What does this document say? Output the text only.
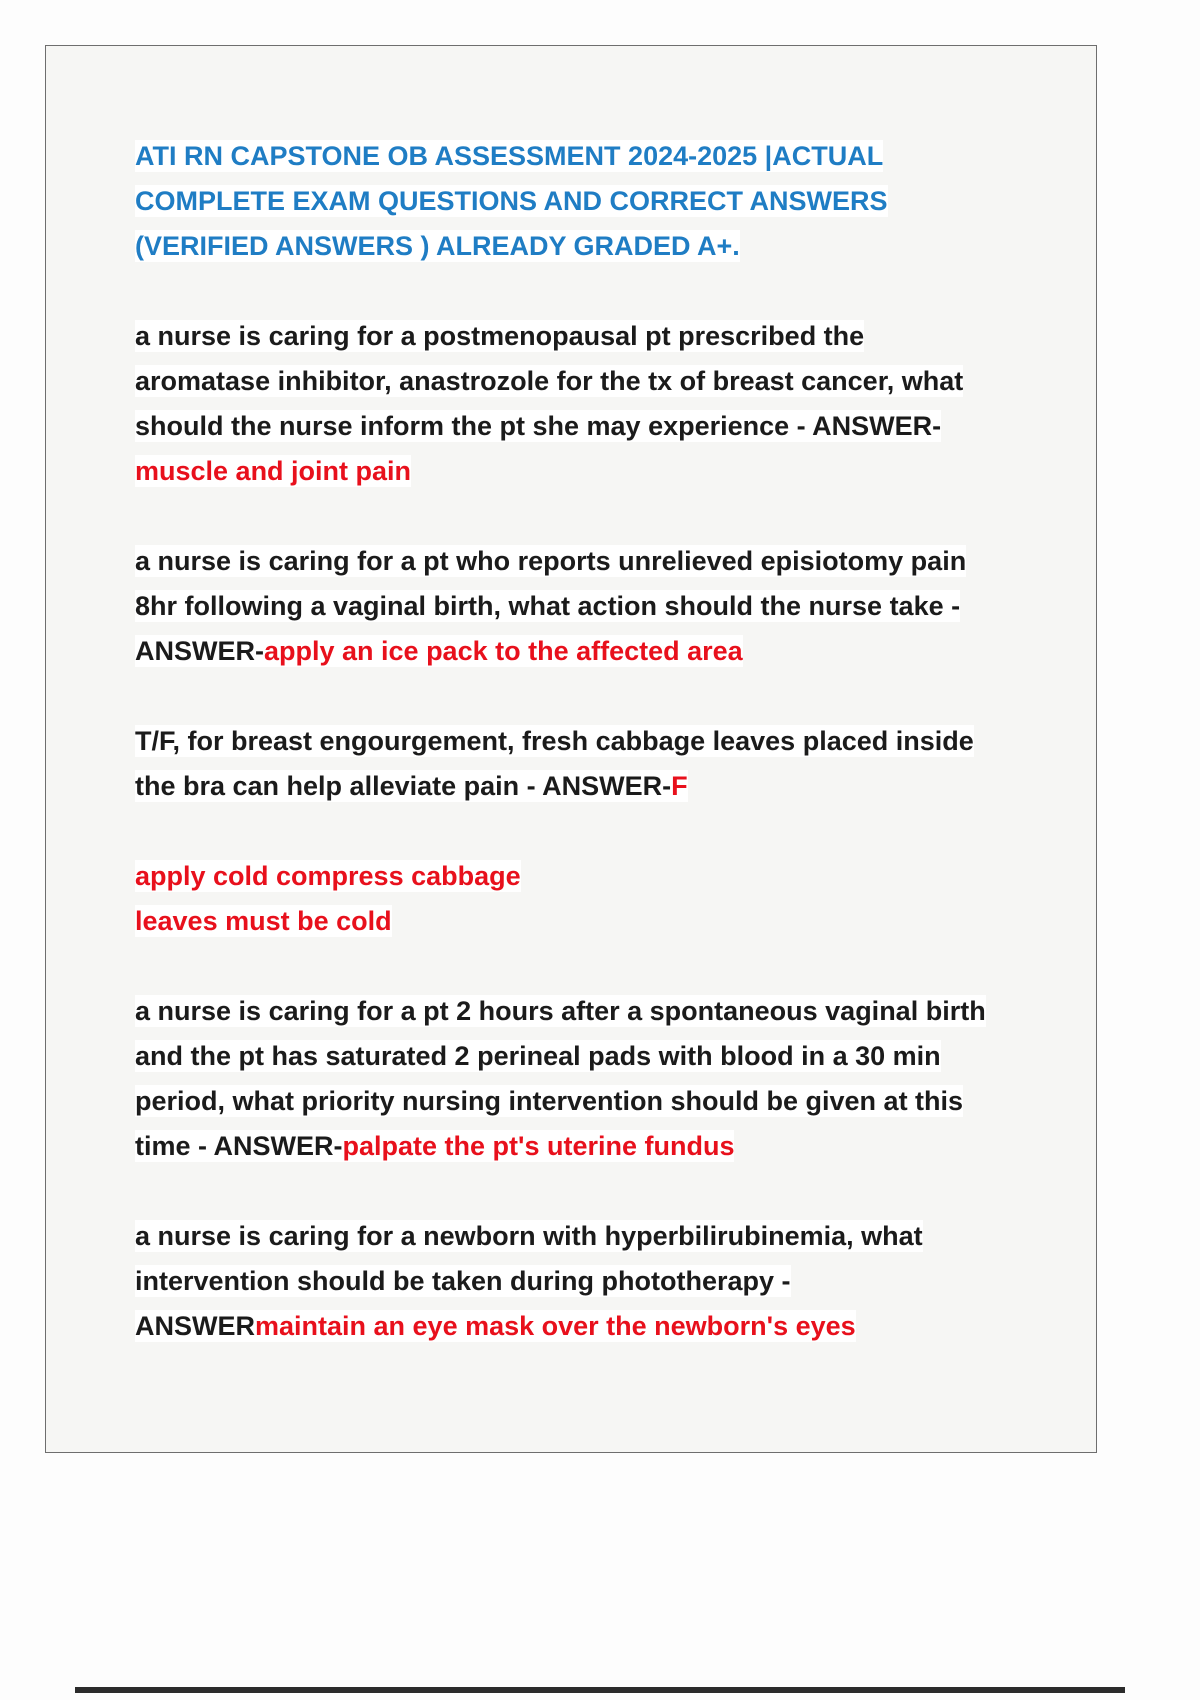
ATI RN CAPSTONE OB ASSESSMENT 2024-2025 |ACTUAL COMPLETE EXAM QUESTIONS AND CORRECT ANSWERS (VERIFIED ANSWERS ) ALREADY GRADED A+.

a nurse is caring for a postmenopausal pt prescribed the aromatase inhibitor, anastrozole for the tx of breast cancer, what should the nurse inform the pt she may experience - ANSWER-muscle and joint pain

a nurse is caring for a pt who reports unrelieved episiotomy pain 8hr following a vaginal birth, what action should the nurse take - ANSWER-apply an ice pack to the affected area

T/F, for breast engourgement, fresh cabbage leaves placed inside the bra can help alleviate pain - ANSWER-F

apply cold compress cabbage
leaves must be cold

a nurse is caring for a pt 2 hours after a spontaneous vaginal birth and the pt has saturated 2 perineal pads with blood in a 30 min period, what priority nursing intervention should be given at this time - ANSWER-palpate the pt's uterine fundus

a nurse is caring for a newborn with hyperbilirubinemia, what intervention should be taken during phototherapy - ANSWERmaintain an eye mask over the newborn's eyes
